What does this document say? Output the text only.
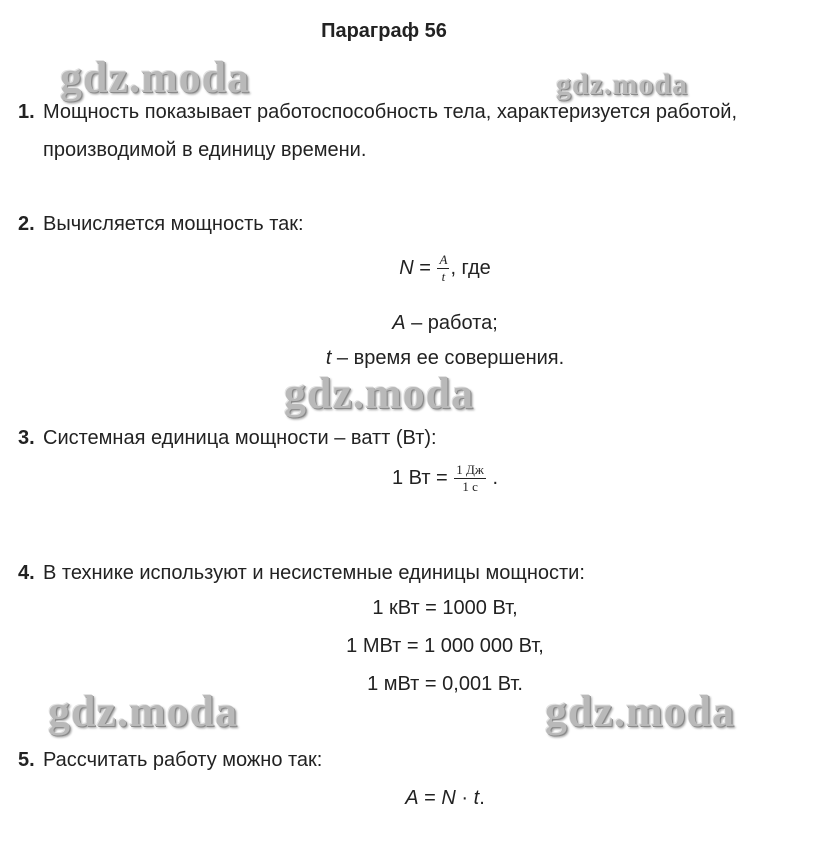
Параграф 56
gdz.moda	gdz.moda
gdz.moda
gdz.moda	gdz.moda
1. Мощность показывает работоспособность тела, характеризуется работой,
производимой в единицу времени.
2. Вычисляется мощность так:
$N = \frac{A}{t}$ , где
A – работа;
t – время ее совершения.
3. Системная единица мощности – ватт (Вт):
1 Вт = $\frac{1 Дж}{1 с}$ .
4. В технике используют и несистемные единицы мощности:
1 кВт = 1000 Вт,
1 МВт = 1 000 000 Вт,
1 мВт = 0,001 Вт.
5. Рассчитать работу можно так:
A = N · t.
